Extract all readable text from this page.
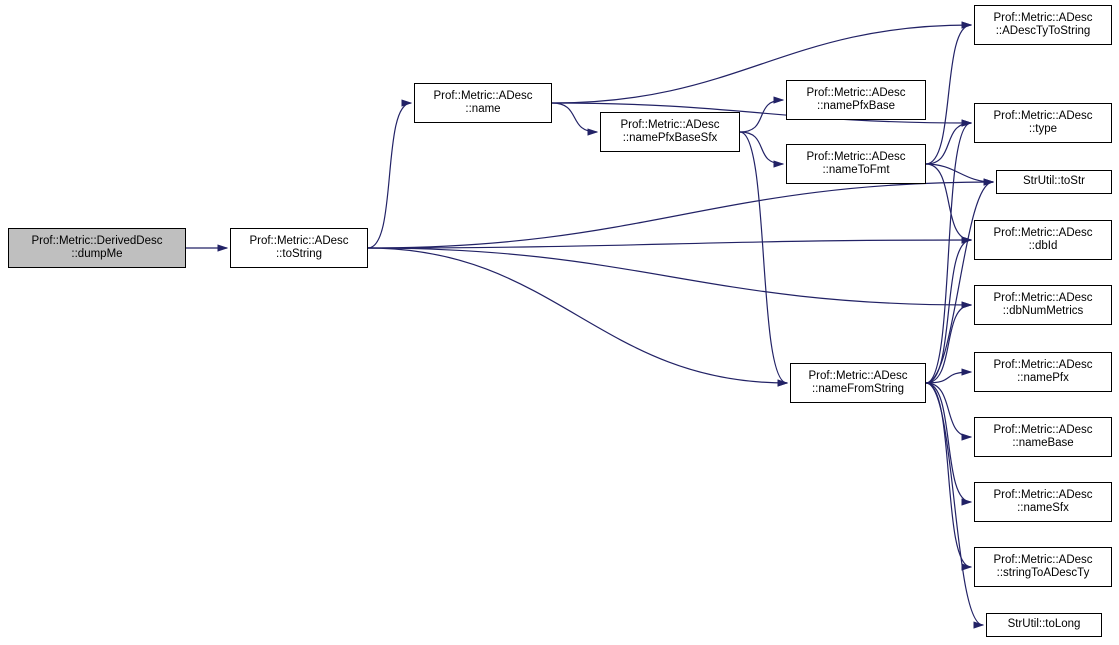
Prof::Metric::DerivedDesc
::dumpMe
Prof::Metric::ADesc
::toString
Prof::Metric::ADesc
::name
Prof::Metric::ADesc
::namePfxBaseSfx
Prof::Metric::ADesc
::namePfxBase
Prof::Metric::ADesc
::nameToFmt
Prof::Metric::ADesc
::nameFromString
Prof::Metric::ADesc
::ADescTyToString
Prof::Metric::ADesc
::type
StrUtil::toStr
Prof::Metric::ADesc
::dbId
Prof::Metric::ADesc
::dbNumMetrics
Prof::Metric::ADesc
::namePfx
Prof::Metric::ADesc
::nameBase
Prof::Metric::ADesc
::nameSfx
Prof::Metric::ADesc
::stringToADescTy
StrUtil::toLong
